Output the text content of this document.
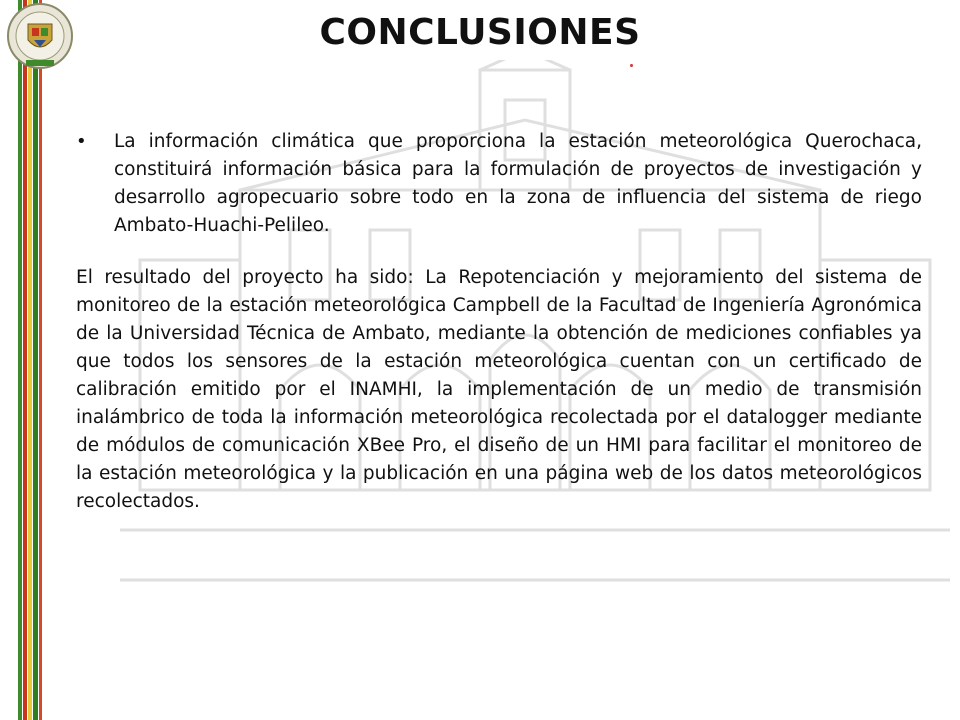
CONCLUSIONES
•	La información climática que proporciona la estación meteorológica Querochaca, constituirá información básica para la formulación de proyectos de investigación y desarrollo agropecuario sobre todo en la zona de influencia del sistema de riego Ambato-Huachi-Pelileo.

El resultado del proyecto ha sido: La Repotenciación y mejoramiento del sistema de monitoreo de la estación meteorológica Campbell de la Facultad de Ingeniería Agronómica de la Universidad Técnica de Ambato, mediante la obtención de mediciones confiables ya que todos los sensores de la estación meteorológica cuentan con un certificado de calibración emitido por el INAMHI, la implementación de un medio de transmisión inalámbrico de toda la información meteorológica recolectada por el datalogger mediante de módulos de comunicación XBee Pro, el diseño de un HMI para facilitar el monitoreo de la estación meteorológica y la publicación en una página web de los datos meteorológicos recolectados.
